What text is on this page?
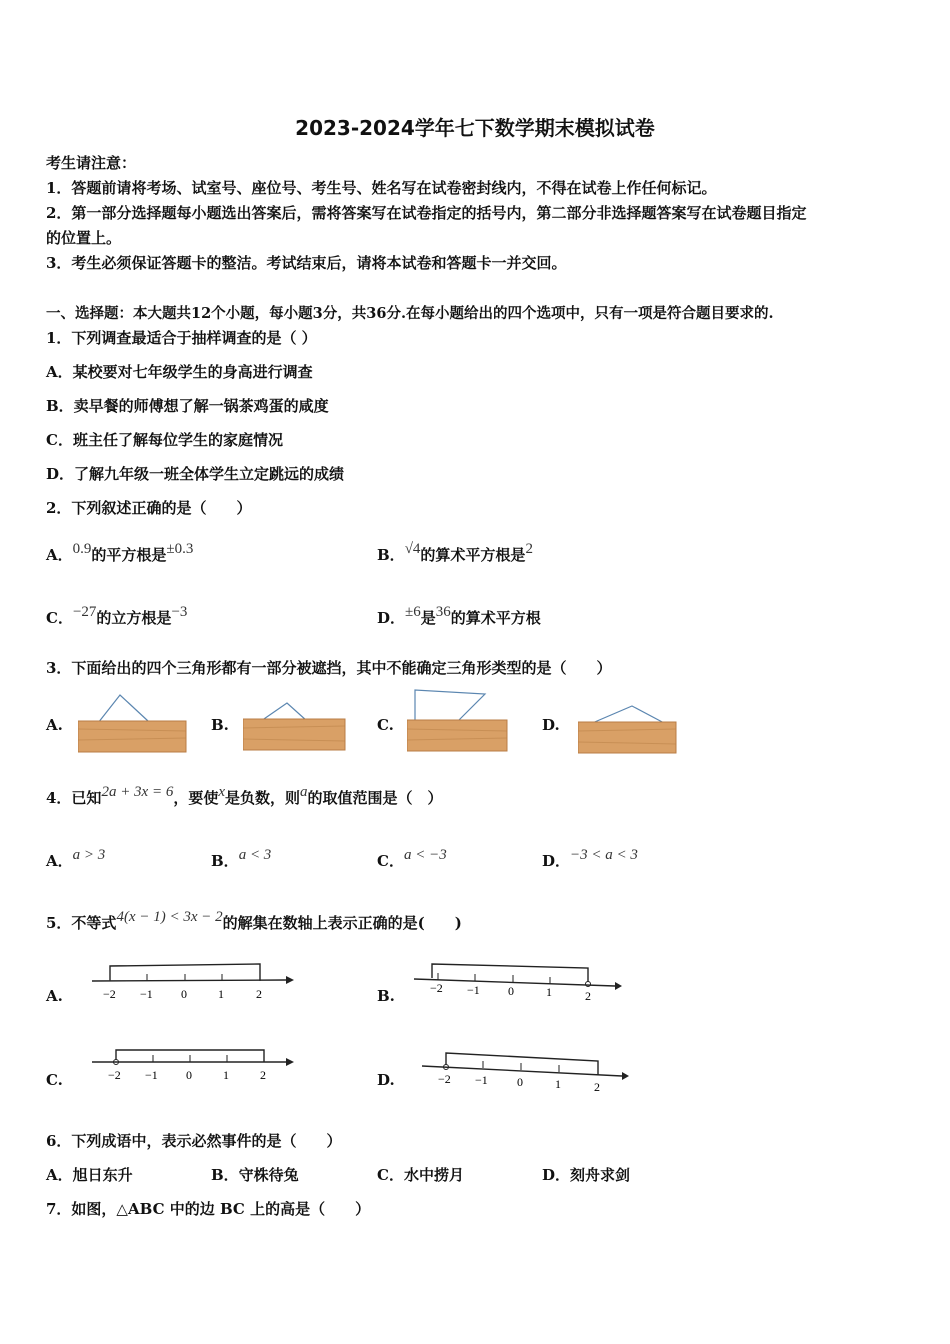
2023-2024学年七下数学期末模拟试卷
考生请注意：
1．答题前请将考场、试室号、座位号、考生号、姓名写在试卷密封线内，不得在试卷上作任何标记。
2．第一部分选择题每小题选出答案后，需将答案写在试卷指定的括号内，第二部分非选择题答案写在试卷题目指定
的位置上。
3．考生必须保证答题卡的整洁。考试结束后，请将本试卷和答题卡一并交回。
一、选择题：本大题共12个小题，每小题3分，共36分.在每小题给出的四个选项中，只有一项是符合题目要求的.
1．下列调查最适合于抽样调查的是（ ）
A．某校要对七年级学生的身高进行调查
B．卖早餐的师傅想了解一锅茶鸡蛋的咸度
C．班主任了解每位学生的家庭情况
D．了解九年级一班全体学生立定跳远的成绩
2．下列叙述正确的是（　　）
A．0.9的平方根是±0.3	B．√4的算术平方根是2
C．−27的立方根是−3	D．±6是36的算术平方根
3．下面给出的四个三角形都有一部分被遮挡，其中不能确定三角形类型的是（　　）
A.	B.	C.	D.
4．已知2a + 3x = 6，要使x是负数，则a的取值范围是（　）
A．a > 3	B．a < 3	C．a < −3	D．−3 < a < 3
5．不等式4(x − 1) < 3x − 2的解集在数轴上表示正确的是(　　)
A.	B.
C.	D.
−2 −1 0	1	2	−2 −1 0	1	2
−2 −1 0	1	2	−2 −1 0	1	2
6．下列成语中，表示必然事件的是（　　）
A．旭日东升	B．守株待兔	C．水中捞月	D．刻舟求剑
7．如图，△ABC 中的边 BC 上的高是（　　）
